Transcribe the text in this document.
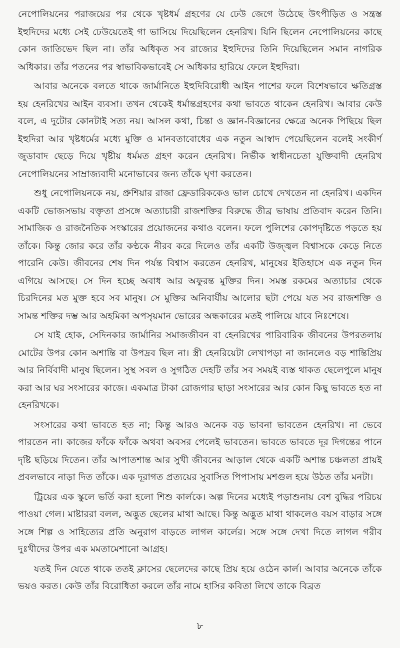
নেপোলিয়নের পরাজয়ের পর থেকে খৃষ্টধর্ম গ্রহণের যে ঢেউ জেগে উঠেছে উৎপীড়িত ও সন্ত্রস্ত ইহুদিদের মধ্যে সেই ঢেউয়েতেই গা ভাসিয়ে দিয়েছিলেন হেনরিখ। যিনি ছিলেন নেপোলিয়নের কাছে কোন জাতিভেদ ছিল না। তাঁর অধিকৃত সব রাজ্যের ইহুদিদের তিনি দিয়েছিলেন সমান নাগরিক অধিকার। তাঁর পতনের পর স্বাভাবিকভাবেই সে অধিকার হারিয়ে ফেলে ইহুদিরা।

আবার অনেকে বলতে থাকে জার্মানিতে ইহুদিবিরোধী আইন পাশের ফলে বিশেষভাবে ক্ষতিগ্রস্ত হয় হেনরিখের আইন ব্যবসা। তখন থেকেই ধর্মান্তগ্রহণের কথা ভাবতে থাকেন হেনরিখ। আবার কেউ বলে, এ দুটোর কোনটাই সত্য নয়। আসল কথা, চিন্তা ও জ্ঞান-বিজ্ঞানের ক্ষেত্রে অনেক পিছিয়ে ছিল ইহুদিরা আর খৃষ্টধর্মের মধ্যে মুক্তি ও মানবতাবোধের এক নতুন আস্বাদ পেয়েছিলেন বলেই সংকীর্ণ জুডাবাদ ছেড়ে দিয়ে খৃষ্টীয় ধর্মমত গ্রহণ করেন হেনরিখ। নির্ভীক স্বাধীনচেতা যুক্তিবাদী হেনরিখ নেপোলিয়নের সাম্রাজ্যবাদী মনোভাবের জন্য তাঁকে ঘৃণা করতেন।

শুধু নেপোলিয়নকে নয়, প্রুশিয়ার রাজা ফ্রেডারিককেও ভাল চোখে দেখতেন না হেনরিখ। একদিন একটি ভোজসভায় বক্তৃতা প্রসঙ্গে অত্যাচারী রাজশক্তির বিরুদ্ধে তীব্র ভাষায় প্রতিবাদ করেন তিনি। সামাজিক ও রাজনৈতিক সংস্কারের প্রয়োজনের কথাও বলেন। ফলে পুলিশের কোপদৃষ্টিতে পড়তে হয় তাঁকে। কিন্তু জোর করে তাঁর কণ্ঠকে নীরব করে দিলেও তাঁর একটি উজ্জ্বল বিশ্বাসকে কেড়ে নিতে পারেনি কেউ। জীবনের শেষ দিন পর্যন্ত বিশ্বাস করতেন হেনরিখ, মানুষের ইতিহাসে এক নতুন দিন এগিয়ে আসছে। সে দিন হচ্ছে অবাধ আর অফুরন্ত মুক্তির দিন। সমস্ত রকমের অত্যাচার থেকে চিরদিনের মত মুক্ত হবে সব মানুষ। সে মুক্তির অনিবার্যীয় আলোর ছটা পেয়ে যত সব রাজশক্তি ও সামন্ত শক্তির দম্ভ আর অহমিকা অপসৃয়মান ভোরের অন্ধকারের মতই পালিয়ে যাবে নিঃশেষে।

সে যাই হোক, সেদিনকার জার্মানির সমাজজীবন বা হেনরিখের পারিবারিক জীবনের উপরতলায় মোটের উপর কোন অশান্তি বা উপদ্রব ছিল না। স্ত্রী হেনরিয়েটা লেখাপড়া না জানলেও বড় শান্তিপ্রিয় আর নির্বিবাদী মানুষ ছিলেন। সুস্থ সবল ও সুগঠিত দেহটি তাঁর সব সময়ই ব্যস্ত থাকত ছেলেপুলে মানুষ করা আর ঘর সংসারের কাজে। একমাত্র টাকা রোজগার ছাড়া সংসারের আর কোন কিছু ভাবতে হত না হেনরিখকে।

সংসারের কথা ভাবতে হত না; কিন্তু আরও অনেক বড় ভাবনা ভাবতেন হেনরিখ। না ভেবে পারতেন না। কাজের ফাঁকে ফাঁকে অথবা অবসর পেলেই ভাবতেন। ভাবতে ভাবতে দূর দিগন্তের পানে দৃষ্টি ছড়িয়ে দিতেন। তাঁর আপাতশান্ত আর সুখী জীবনের আড়াল থেকে একটি অশান্ত চঞ্চলতা প্রায়ই প্রবলভাবে নাড়া দিত তাঁকে। এক দূরাগত প্রত্যয়ের সুবাসিত পিপাসায় মশগুল হয়ে উঠত তাঁর মনটা।

ট্রিয়ের এক স্কুলে ভর্তি করা হলো শিশু কার্লকে। অল্প দিনের মধ্যেই পড়াশুনায় বেশ বুদ্ধির পরিচয় পাওয়া গেল। মাষ্টাররা বলল, অদ্ভুত ছেলের মাথা আছে। কিন্তু অদ্ভুত মাথা থাকলেও বয়স বাড়ার সঙ্গে সঙ্গে শিল্প ও সাহিত্যের প্রতি অনুরাগ বাড়তে লাগল কার্লের। সঙ্গে সঙ্গে দেখা দিতে লাগল গরীব দুঃখীদের উপর এক মমতামেশানো আগ্রহ।

যতই দিন যেতে থাকে ততই ক্লাসের ছেলেদের কাছে প্রিয় হয়ে ওঠেন কার্ল। আবার অনেকে তাঁকে ভয়ও করত। কেউ তাঁর বিরোধিতা করলে তাঁর নামে হাসির কবিতা লিখে তাকে বিব্রত

৮
